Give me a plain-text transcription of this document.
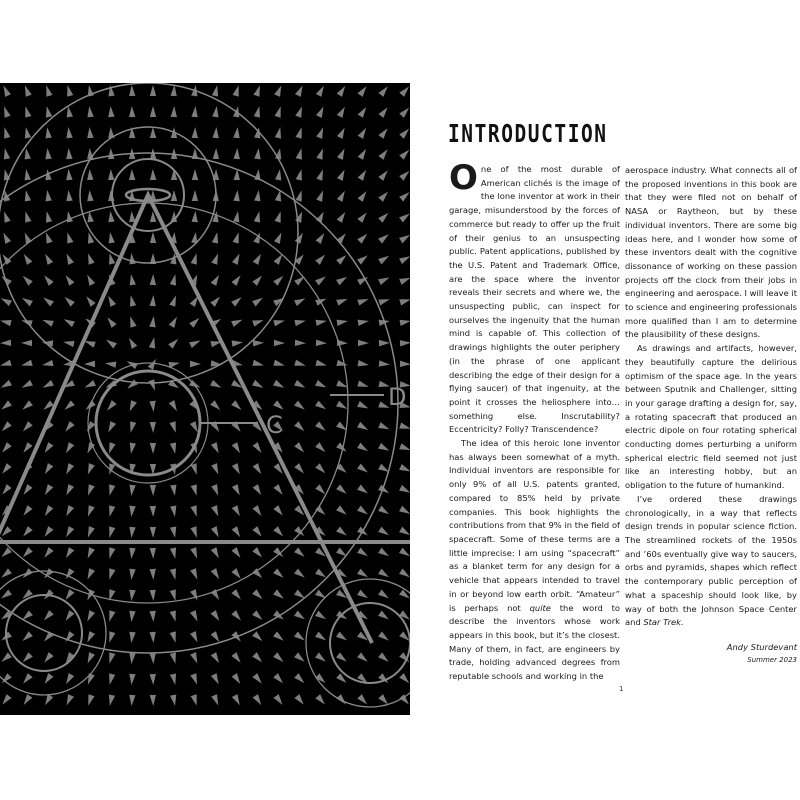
C
D
INTRODUCTION

One of the most durable of American clichés is the image of the lone inventor at work in their garage, misunderstood by the forces of commerce but ready to offer up the fruit of their genius to an unsuspecting public. Patent applications, published by the U.S. Patent and Trademark Office, are the space where the inventor reveals their secrets and where we, the unsuspecting public, can inspect for ourselves the ingenuity that the human mind is capable of. This collection of drawings highlights the outer periphery (in the phrase of one applicant describing the edge of their design for a flying saucer) of that ingenuity, at the point it crosses the heliosphere into… something else. Inscrutability? Eccentricity? Folly? Transcendence?

The idea of this heroic lone inventor has always been somewhat of a myth. Individual inventors are responsible for only 9% of all U.S. patents granted, compared to 85% held by private companies. This book highlights the contributions from that 9% in the field of spacecraft. Some of these terms are a little imprecise: I am using “spacecraft” as a blanket term for any design for a vehicle that appears intended to travel in or beyond low earth orbit. “Amateur” is perhaps not quite the word to describe the inventors whose work appears in this book, but it’s the closest. Many of them, in fact, are engineers by trade, holding advanced degrees from reputable schools and working in the

aerospace industry. What connects all of the proposed inventions in this book are that they were filed not on behalf of NASA or Raytheon, but by these individual inventors. There are some big ideas here, and I wonder how some of these inventors dealt with the cognitive dissonance of working on these passion projects off the clock from their jobs in engineering and aerospace. I will leave it to science and engineering professionals more qualified than I am to determine the plausibility of these designs.

As drawings and artifacts, however, they beautifully capture the delirious optimism of the space age. In the years between Sputnik and Challenger, sitting in your garage drafting a design for, say, a rotating spacecraft that produced an electric dipole on four rotating spherical conducting domes perturbing a uniform spherical electric field seemed not just like an interesting hobby, but an obligation to the future of humankind.

I’ve ordered these drawings chronologically, in a way that reflects design trends in popular science fiction. The streamlined rockets of the 1950s and ’60s eventually give way to saucers, orbs and pyramids, shapes which reflect the contemporary public perception of what a spaceship should look like, by way of both the Johnson Space Center and Star Trek.

Andy Sturdevant
Summer 2023
1
